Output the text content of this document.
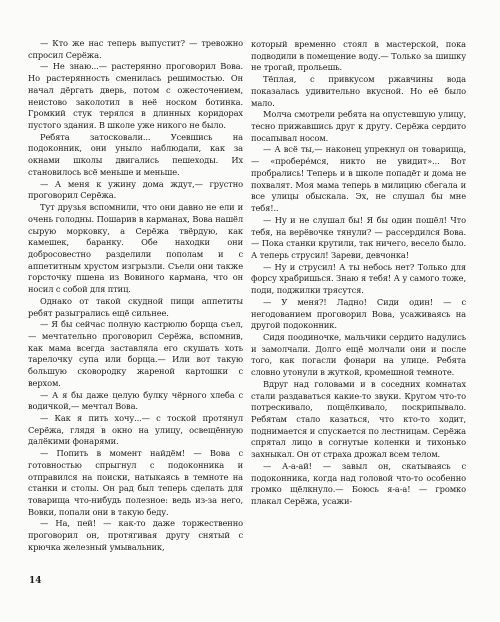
— Кто же нас теперь выпустит? — тревожно спросил Серёжа.

— Не знаю...— растерянно проговорил Вова. Но растерянность сменилась решимостью. Он начал дёргать дверь, потом с ожесточением, неистово заколотил в неё носком ботинка. Громкий стук терялся в длинных коридорах пустого здания. В школе уже никого не было.

Ребята затосковали... Усевшись на подоконник, они уныло наблюдали, как за окнами школы двигались пешеходы. Их становилось всё меньше и меньше.

— А меня к ужину дома ждут,— грустно проговорил Серёжа.

Тут друзья вспомнили, что они давно не ели и очень голодны. Пошарив в карманах, Вова нашёл сырую морковку, а Серёжа твёрдую, как камешек, баранку. Обе находки они добросовестно разделили пополам и с аппетитным хрустом изгрызли. Съели они также горсточку пшена из Вовиного кармана, что он носил с собой для птиц.

Однако от такой скудной пищи аппетиты ребят разыгрались ещё сильнее.

— Я бы сейчас полную кастрюлю борща съел,— мечтательно проговорил Серёжа, вспомнив, как мама всегда заставляла его скушать хоть тарелочку супа или борща.— Или вот такую большую сковородку жареной картошки с верхом.

— А я бы даже целую булку чёрного хлеба с водичкой,— мечтал Вова.

— Как я пить хочу...— с тоской протянул Серёжа, глядя в окно на улицу, освещённую далёкими фонарями.

— Попить в момент найдём! — Вова с готовностью спрыгнул с подоконника и отправился на поиски, натыкаясь в темноте на станки и столы. Он рад был теперь сделать для товарища что-нибудь полезное: ведь из-за него, Вовки, попали они в такую беду.

— На, пей! — как-то даже торжественно проговорил он, протягивая другу снятый с крючка железный умывальник,

который временно стоял в мастерской, пока подводили в помещение воду.— Только за шишку не трогай, прольешь.

Тёплая, с привкусом ржавчины вода показалась удивительно вкусной. Но её было мало.

Молча смотрели ребята на опустевшую улицу, тесно прижавшись друг к другу. Серёжа сердито посапывал носом.

— А всё ты,— наконец упрекнул он товарища,— «пробере́мся, никто не увидит»... Вот пробрались! Теперь и в школе попадёт и дома не похвалят. Моя мама теперь в милицию сбегала и все улицы обыскала. Эх, не слушал бы мне тебя!..

— Ну и не слушал бы! Я бы один пошёл! Что тебя, на верёвочке тянули? — рассердился Вова.— Пока станки крутили, так ничего, весело было. А теперь струсил! Зареви, девчонка!

— Ну и струсил! А ты небось нет? Только для форсу храбришься. Знаю я тебя! А у самого тоже, поди, поджилки трясутся.

— У меня?! Ладно! Сиди один! — с негодованием проговорил Вова, усаживаясь на другой подоконник.

Сидя поодиночке, мальчики сердито надулись и замолчали. Долго ещё молчали они и после того, как погасли фонари на улице. Ребята словно утонули в жуткой, кромешной темноте.

Вдруг над головами и в соседних комнатах стали раздаваться какие-то звуки. Кругом что-то потрескивало, пощёлкивало, поскрипывало. Ребятам стало казаться, что кто-то ходит, поднимается и спускается по лестницам. Серёжа спрятал лицо в согнутые коленки и тихонько захныкал. Он от страха дрожал всем телом.

— А-а-ай! — завыл он, скатываясь с подоконника, когда над головой что-то особенно громко щёлкнуло.— Боюсь я-а-а! — громко плакал Серёжа, усажи-

14
